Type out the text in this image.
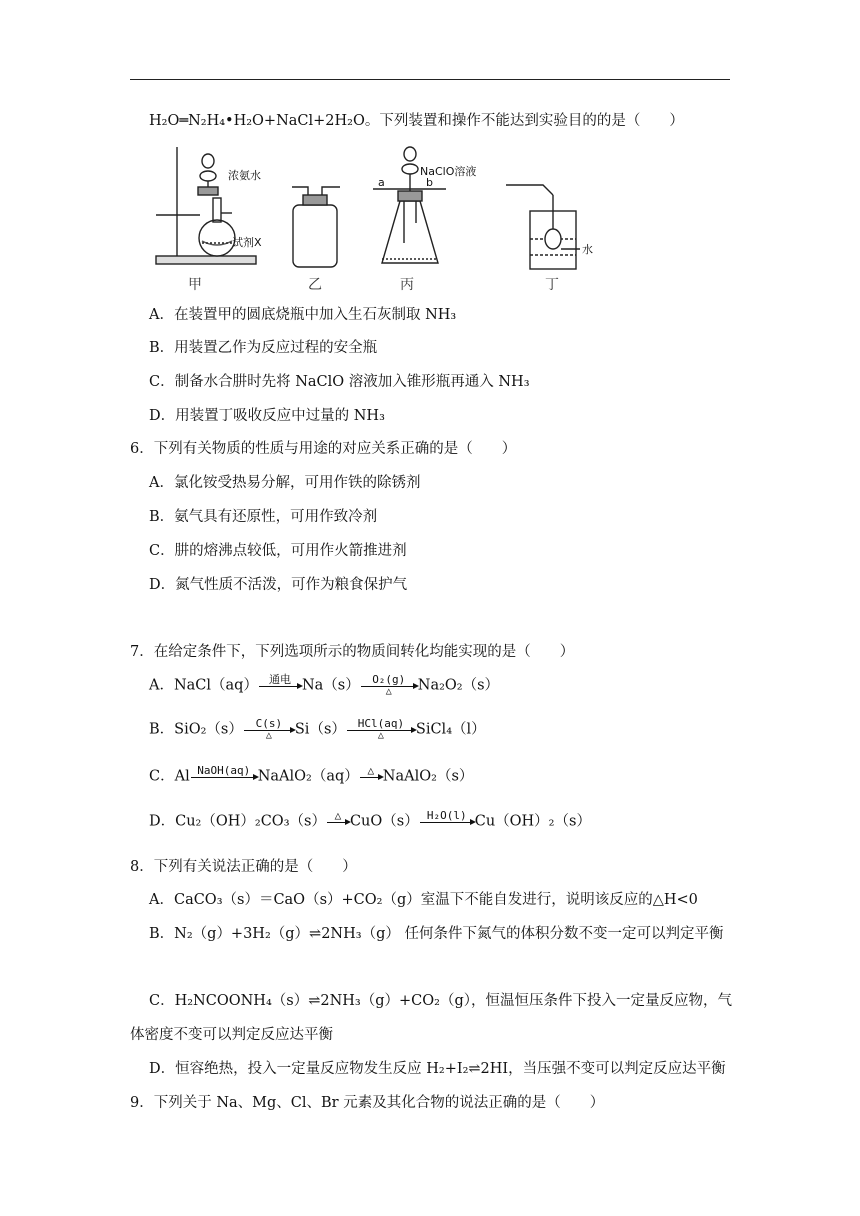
H₂O═N₂H₄•H₂O+NaCl+2H₂O。下列装置和操作不能达到实验目的的是（　　）
浓氨水
试剂X
NaClO溶液
a	b
水
甲	乙	丙	丁
A．在装置甲的圆底烧瓶中加入生石灰制取 NH₃
B．用装置乙作为反应过程的安全瓶
C．制备水合肼时先将 NaClO 溶液加入锥形瓶再通入 NH₃
D．用装置丁吸收反应中过量的 NH₃
6．下列有关物质的性质与用途的对应关系正确的是（　　）
A．氯化铵受热易分解，可用作铁的除锈剂
B．氨气具有还原性，可用作致冷剂
C．肼的熔沸点较低，可用作火箭推进剂
D．氮气性质不活泼，可作为粮食保护气
7．在给定条件下，下列选项所示的物质间转化均能实现的是（　　）
A．NaCl（aq）	通电 Na（s）	O₂(g)
△	Na₂O₂（s）
B．SiO₂（s）	C(s)
△	Si（s）	HCl(aq)
△	SiCl₄（l）
C．Al NaOH(aq) NaAlO₂（aq） △ NaAlO₂（s）
D．Cu₂（OH）₂CO₃（s） △ CuO（s） H₂O(l) Cu（OH）₂（s）
8．下列有关说法正确的是（　　）
A．CaCO₃（s）＝CaO（s）+CO₂（g）室温下不能自发进行，说明该反应的△H<0
B．N₂（g）+3H₂（g）⇌2NH₃（g） 任何条件下氮气的体积分数不变一定可以判定平衡
C．H₂NCOONH₄（s）⇌2NH₃（g）+CO₂（g），恒温恒压条件下投入一定量反应物，气
体密度不变可以判定反应达平衡
D．恒容绝热，投入一定量反应物发生反应 H₂+I₂⇌2HI，当压强不变可以判定反应达平衡
9．下列关于 Na、Mg、Cl、Br 元素及其化合物的说法正确的是（　　）
